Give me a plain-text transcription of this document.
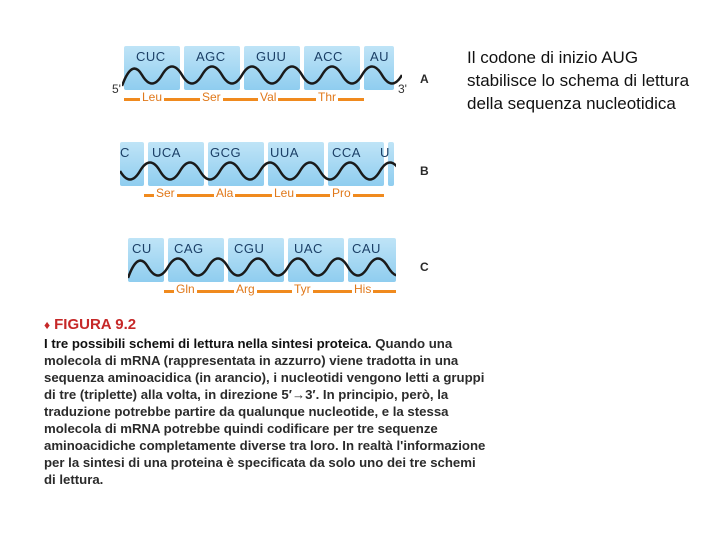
5'
CUC AGC GUU ACC AU
3'
Leu	Ser	Val	Thr
A
C UCA GCG UUA	CCA U
Ser	Ala	Leu	Pro
B
CU CAG CGU UAC CAU
Gln	Arg	Tyr	His
C
♦ FIGURA 9.2
I tre possibili schemi di lettura nella sintesi proteica. Quando una molecola di mRNA (rappresentata in azzurro) viene tradotta in una sequenza aminoacidica (in arancio), i nucleotidi vengono letti a gruppi di tre (triplette) alla volta, in direzione 5′→3′. In principio, però, la traduzione potrebbe partire da qualunque nucleotide, e la stessa molecola di mRNA potrebbe quindi codificare per tre sequenze aminoacidiche completamente diverse tra loro. In realtà l'informazione per la sintesi di una proteina è specificata da solo uno dei tre schemi di lettura.
Il codone di inizio AUG stabilisce lo schema di lettura della sequenza nucleotidica
